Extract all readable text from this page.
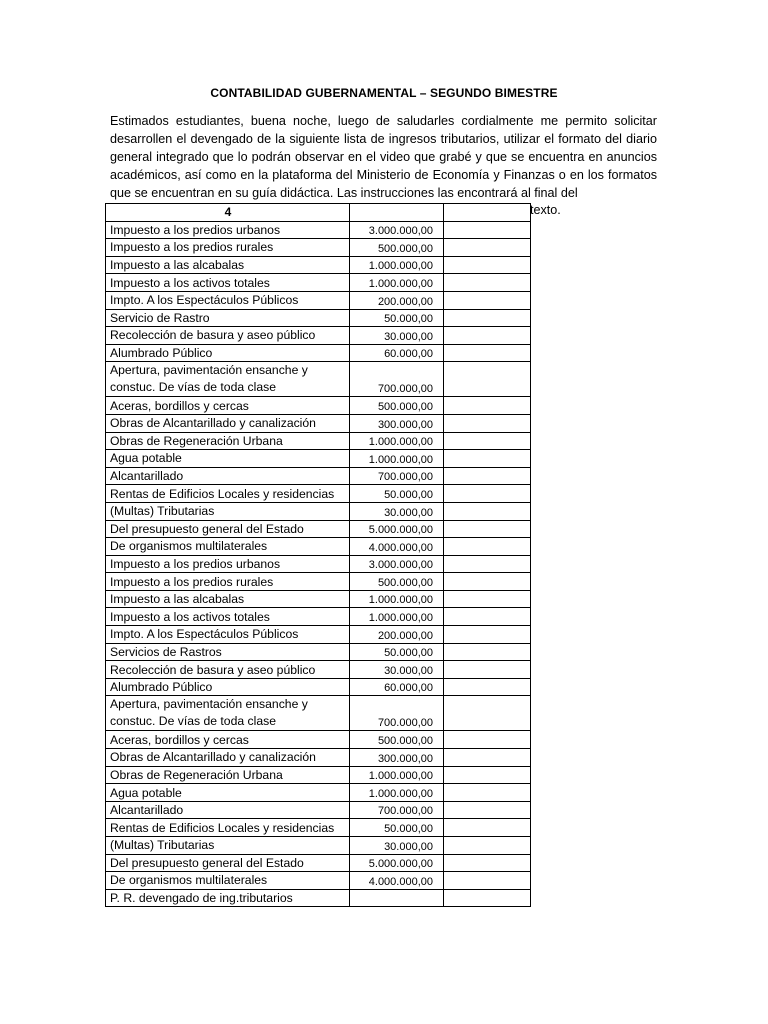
CONTABILIDAD GUBERNAMENTAL – SEGUNDO BIMESTRE
Estimados estudiantes, buena noche, luego de saludarles cordialmente me permito solicitar desarrollen el devengado de la siguiente lista de ingresos tributarios, utilizar el formato del diario general integrado que lo podrán observar en el video que grabé y que se encuentra en anuncios académicos, así como en la plataforma del Ministerio de Economía y Finanzas o en los formatos que se encuentran en su guía didáctica. Las instrucciones las encontrará al final del
texto.
4		
Impuesto a los predios urbanos	3.000.000,00	
Impuesto a los predios rurales	500.000,00	
Impuesto a las alcabalas	1.000.000,00	
Impuesto a los activos totales	1.000.000,00	
Impto. A los Espectáculos Públicos	200.000,00	
Servicio de Rastro	50.000,00	
Recolección de basura y aseo público	30.000,00	
Alumbrado Público	60.000,00	
Apertura, pavimentación ensanche y constuc. De vías de toda clase	700.000,00	
Aceras, bordillos y cercas	500.000,00	
Obras de Alcantarillado y canalización	300.000,00	
Obras de Regeneración Urbana	1.000.000,00	
Agua potable	1.000.000,00	
Alcantarillado	700.000,00	
Rentas de Edificios Locales y residencias	50.000,00	
(Multas) Tributarias	30.000,00	
Del presupuesto general del Estado	5.000.000,00	
De organismos multilaterales	4.000.000,00	
Impuesto a los predios urbanos	3.000.000,00	
Impuesto a los predios rurales	500.000,00	
Impuesto a las alcabalas	1.000.000,00	
Impuesto a los activos totales	1.000.000,00	
Impto. A los Espectáculos Públicos	200.000,00	
Servicios de Rastros	50.000,00	
Recolección de basura y aseo público	30.000,00	
Alumbrado Público	60.000,00	
Apertura, pavimentación ensanche y constuc. De vías de toda clase	700.000,00	
Aceras, bordillos y cercas	500.000,00	
Obras de Alcantarillado y canalización	300.000,00	
Obras de Regeneración Urbana	1.000.000,00	
Agua potable	1.000.000,00	
Alcantarillado	700.000,00	
Rentas de Edificios Locales y residencias	50.000,00	
(Multas) Tributarias	30.000,00	
Del presupuesto general del Estado	5.000.000,00	
De organismos multilaterales	4.000.000,00	
P. R. devengado de ing.tributarios		
